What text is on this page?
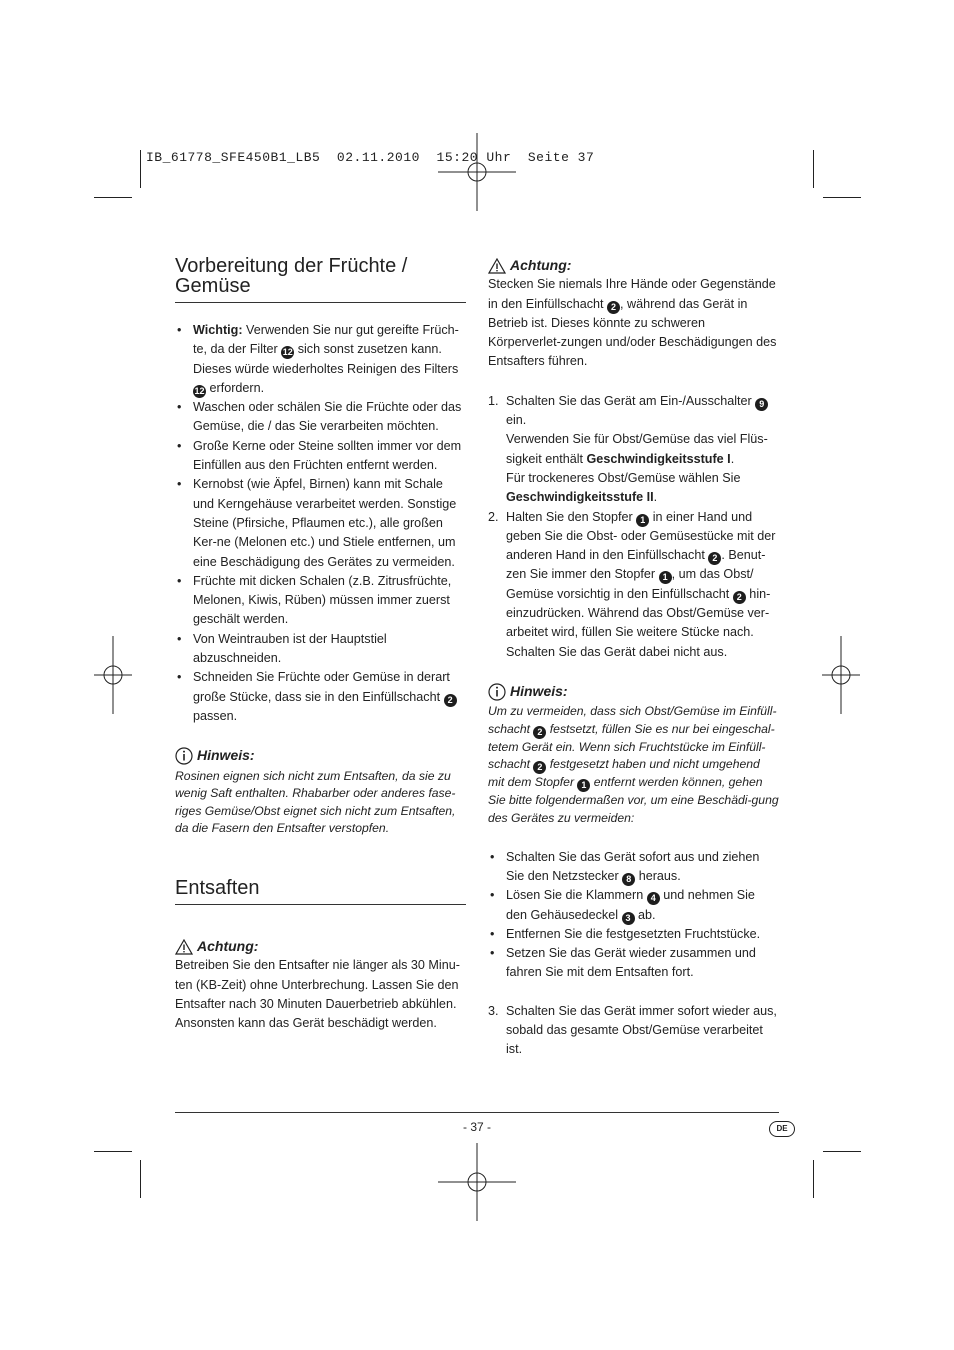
IB_61778_SFE450B1_LB5  02.11.2010  15:20 Uhr  Seite 37
Vorbereitung der Früchte / Gemüse
• Wichtig: Verwenden Sie nur gut gereifte Früch-te, da der Filter 12 sich sonst zusetzen kann. Dieses würde wiederholtes Reinigen des Filters 12 erfordern.
• Waschen oder schälen Sie die Früchte oder das Gemüse, die / das Sie verarbeiten möchten.
• Große Kerne oder Steine sollten immer vor dem Einfüllen aus den Früchten entfernt werden.
• Kernobst (wie Äpfel, Birnen) kann mit Schale und Kerngehäuse verarbeitet werden. Sonstige Steine (Pfirsiche, Pflaumen etc.), alle großen Ker-ne (Melonen etc.) und Stiele entfernen, um eine Beschädigung des Gerätes zu vermeiden.
• Früchte mit dicken Schalen (z.B. Zitrusfrüchte, Melonen, Kiwis, Rüben) müssen immer zuerst geschält werden.
• Von Weintrauben ist der Hauptstiel abzuschneiden.
• Schneiden Sie Früchte oder Gemüse in derart große Stücke, dass sie in den Einfüllschacht 2 passen.

Hinweis:

Rosinen eignen sich nicht zum Entsaften, da sie zu wenig Saft enthalten. Rhabarber oder anderes fase-riges Gemüse/Obst eignet sich nicht zum Entsaften, da die Fasern den Entsafter verstopfen.

Entsaften

Achtung:

Betreiben Sie den Entsafter nie länger als 30 Minu-ten (KB-Zeit) ohne Unterbrechung. Lassen Sie den Entsafter nach 30 Minuten Dauerbetrieb abkühlen. Ansonsten kann das Gerät beschädigt werden.

Achtung:

Stecken Sie niemals Ihre Hände oder Gegenstände in den Einfüllschacht 2 , während das Gerät in Betrieb ist. Dieses könnte zu schweren Körperverlet-zungen und/oder Beschädigungen des Entsafters führen.

1. Schalten Sie das Gerät am Ein-/Ausschalter 9 ein.
Verwenden Sie für Obst/Gemüse das viel Flüs-sigkeit enthält Geschwindigkeitsstufe I.
Für trockeneres Obst/Gemüse wählen Sie Geschwindigkeitsstufe II.
2. Halten Sie den Stopfer 1 in einer Hand und geben Sie die Obst- oder Gemüsestücke mit der anderen Hand in den Einfüllschacht 2 . Benut-zen Sie immer den Stopfer 1 , um das Obst/ Gemüse vorsichtig in den Einfüllschacht 2 hin-einzudrücken. Während das Obst/Gemüse ver-arbeitet wird, füllen Sie weitere Stücke nach. Schalten Sie das Gerät dabei nicht aus.

Hinweis:

Um zu vermeiden, dass sich Obst/Gemüse im Einfüll-schacht 2 festsetzt, füllen Sie es nur bei eingeschal-tetem Gerät ein. Wenn sich Fruchtstücke im Einfüll-schacht 2 festgesetzt haben und nicht umgehend mit dem Stopfer 1 entfernt werden können, gehen Sie bitte folgendermaßen vor, um eine Beschädi-gung des Gerätes zu vermeiden:

• Schalten Sie das Gerät sofort aus und ziehen Sie den Netzstecker 8 heraus.
• Lösen Sie die Klammern 4 und nehmen Sie den Gehäusedeckel 3 ab.
• Entfernen Sie die festgesetzten Fruchtstücke.
• Setzen Sie das Gerät wieder zusammen und fahren Sie mit dem Entsaften fort.
3. Schalten Sie das Gerät immer sofort wieder aus, sobald das gesamte Obst/Gemüse verarbeitet ist.
- 37 -	DE
